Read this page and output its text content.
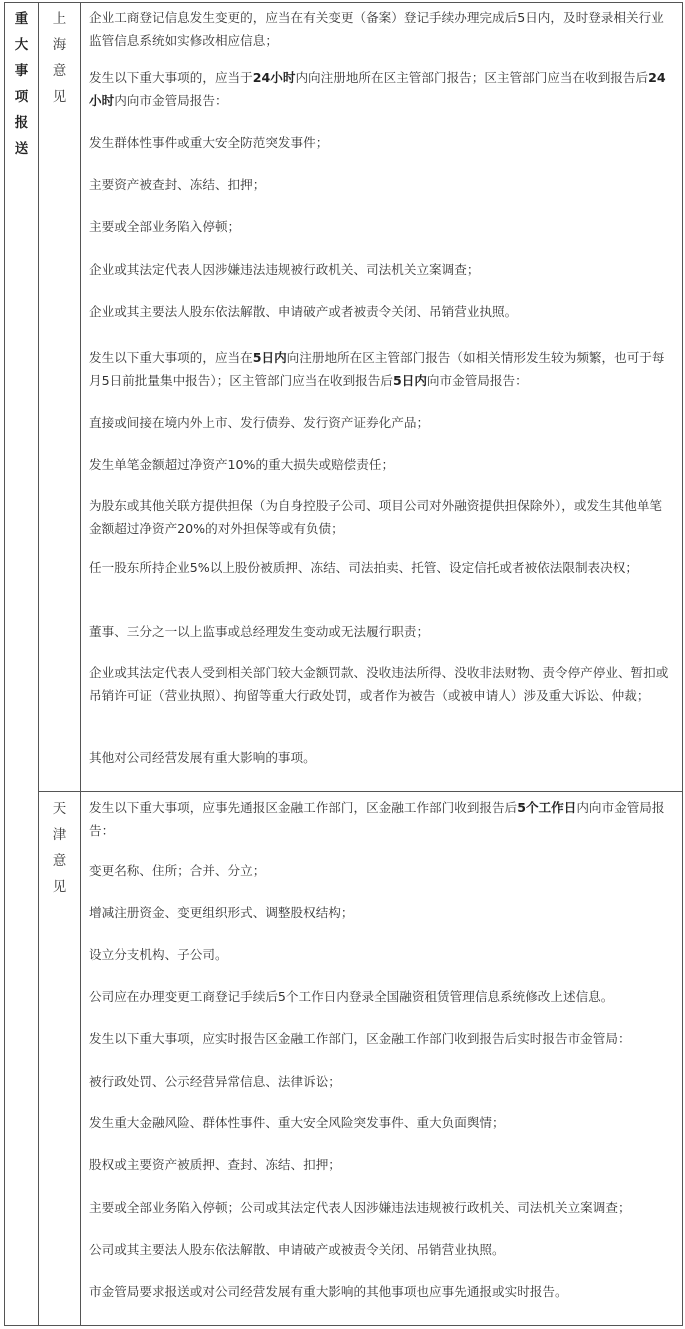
重
大
事
项
报
送
上
海
意
见
天
津
意
见
企业工商登记信息发生变更的，应当在有关变更（备案）登记手续办理完成后5日内，及时登录相关行业监管信息系统如实修改相应信息；
发生以下重大事项的，应当于24小时内向注册地所在区主管部门报告；区主管部门应当在收到报告后24小时内向市金管局报告：
发生群体性事件或重大安全防范突发事件；
主要资产被查封、冻结、扣押；
主要或全部业务陷入停顿；
企业或其法定代表人因涉嫌违法违规被行政机关、司法机关立案调查；
企业或其主要法人股东依法解散、申请破产或者被责令关闭、吊销营业执照。
发生以下重大事项的，应当在5日内向注册地所在区主管部门报告（如相关情形发生较为频繁，也可于每月5日前批量集中报告）；区主管部门应当在收到报告后5日内向市金管局报告：
直接或间接在境内外上市、发行债券、发行资产证券化产品；
发生单笔金额超过净资产10%的重大损失或赔偿责任；
为股东或其他关联方提供担保（为自身控股子公司、项目公司对外融资提供担保除外），或发生其他单笔金额超过净资产20%的对外担保等或有负债；
任一股东所持企业5%以上股份被质押、冻结、司法拍卖、托管、设定信托或者被依法限制表决权；
董事、三分之一以上监事或总经理发生变动或无法履行职责；
企业或其法定代表人受到相关部门较大金额罚款、没收违法所得、没收非法财物、责令停产停业、暂扣或吊销许可证（营业执照）、拘留等重大行政处罚，或者作为被告（或被申请人）涉及重大诉讼、仲裁；
其他对公司经营发展有重大影响的事项。
发生以下重大事项，应事先通报区金融工作部门，区金融工作部门收到报告后5个工作日内向市金管局报告：
变更名称、住所；合并、分立；
增减注册资金、变更组织形式、调整股权结构；
设立分支机构、子公司。
公司应在办理变更工商登记手续后5个工作日内登录全国融资租赁管理信息系统修改上述信息。
发生以下重大事项，应实时报告区金融工作部门，区金融工作部门收到报告后实时报告市金管局：
被行政处罚、公示经营异常信息、法律诉讼；
发生重大金融风险、群体性事件、重大安全风险突发事件、重大负面舆情；
股权或主要资产被质押、查封、冻结、扣押；
主要或全部业务陷入停顿；公司或其法定代表人因涉嫌违法违规被行政机关、司法机关立案调查；
公司或其主要法人股东依法解散、申请破产或被责令关闭、吊销营业执照。
市金管局要求报送或对公司经营发展有重大影响的其他事项也应事先通报或实时报告。
